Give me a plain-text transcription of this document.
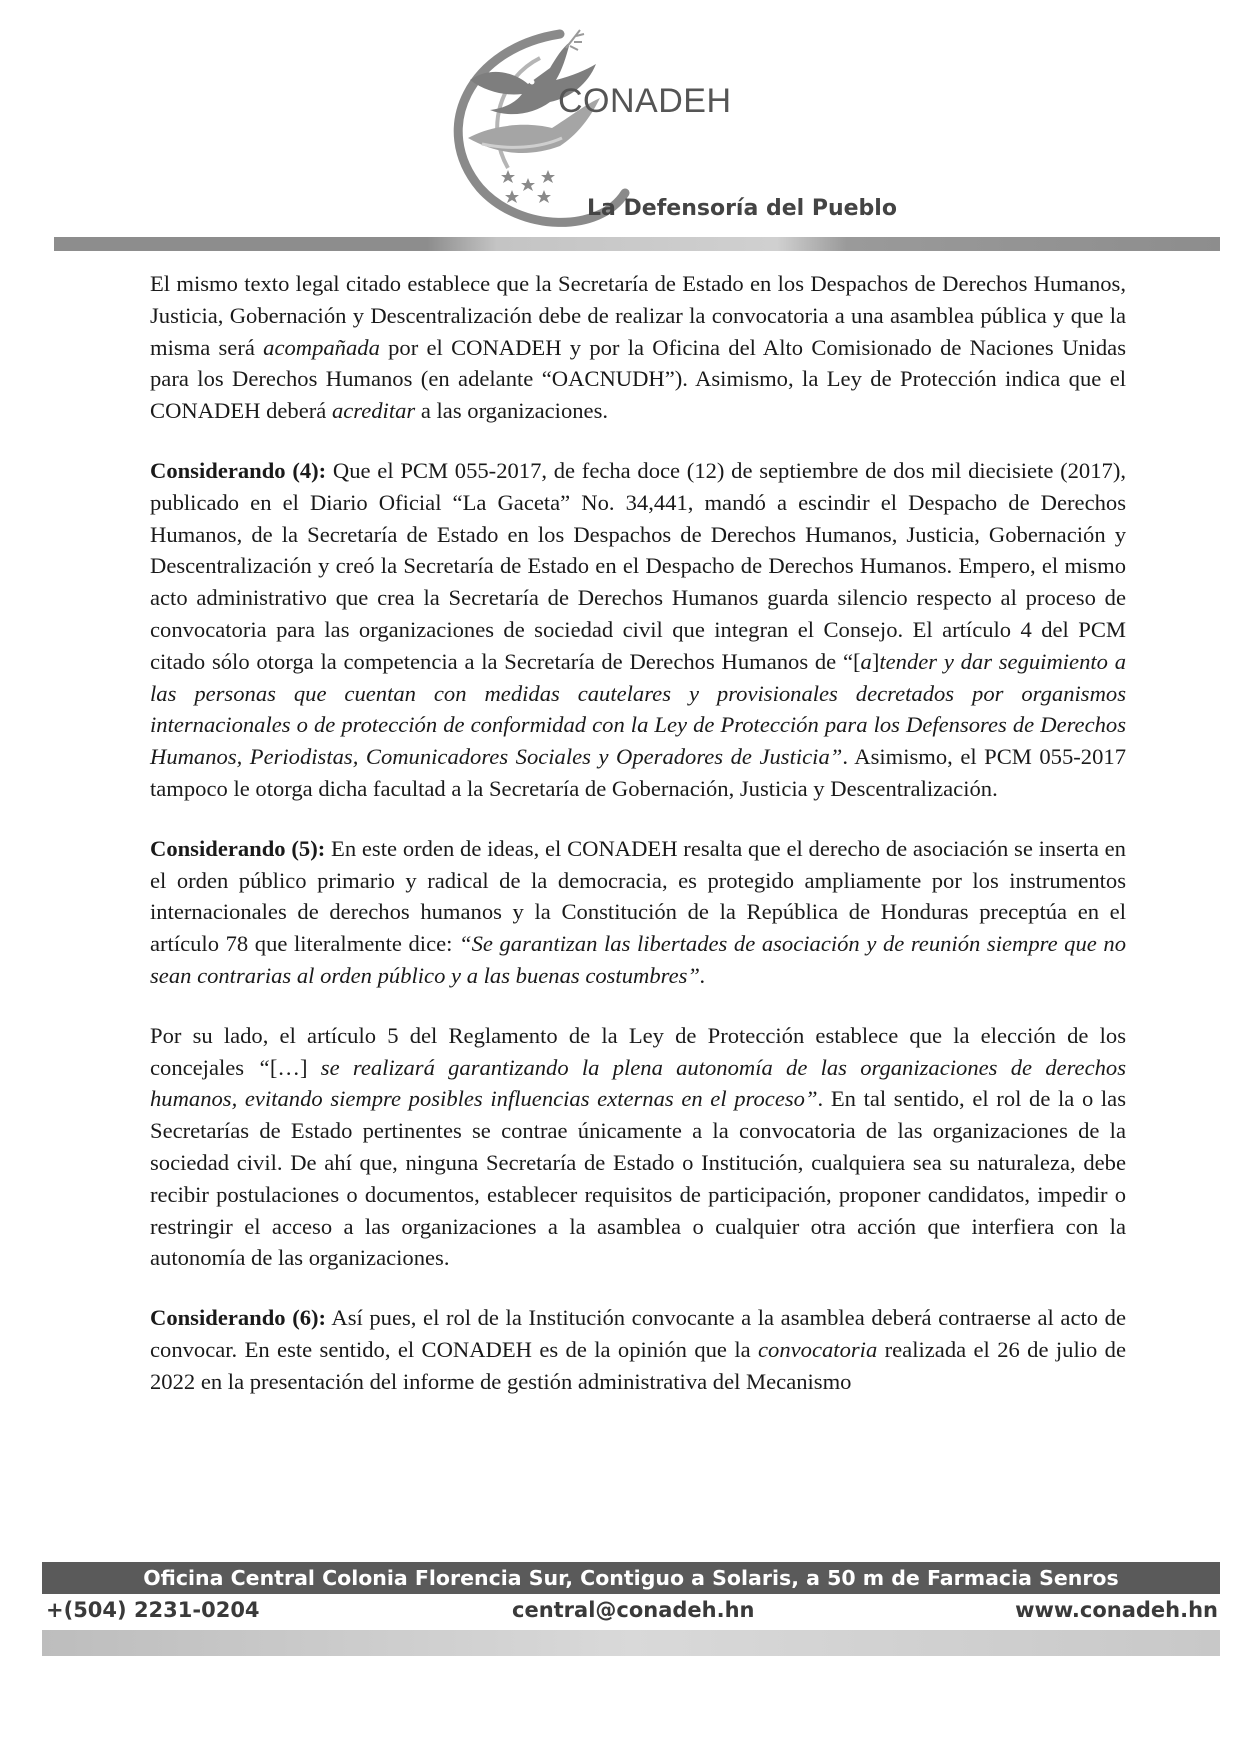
CONADEH
La Defensoría del Pueblo

El mismo texto legal citado establece que la Secretaría de Estado en los Despachos de Derechos Humanos, Justicia, Gobernación y Descentralización debe de realizar la convocatoria a una asamblea pública y que la misma será acompañada por el CONADEH y por la Oficina del Alto Comisionado de Naciones Unidas para los Derechos Humanos (en adelante “OACNUDH”). Asimismo, la Ley de Protección indica que el CONADEH deberá acreditar a las organizaciones.

Considerando (4): Que el PCM 055-2017, de fecha doce (12) de septiembre de dos mil diecisiete (2017), publicado en el Diario Oficial “La Gaceta” No. 34,441, mandó a escindir el Despacho de Derechos Humanos, de la Secretaría de Estado en los Despachos de Derechos Humanos, Justicia, Gobernación y Descentralización y creó la Secretaría de Estado en el Despacho de Derechos Humanos. Empero, el mismo acto administrativo que crea la Secretaría de Derechos Humanos guarda silencio respecto al proceso de convocatoria para las organizaciones de sociedad civil que integran el Consejo. El artículo 4 del PCM citado sólo otorga la competencia a la Secretaría de Derechos Humanos de “[a]tender y dar seguimiento a las personas que cuentan con medidas cautelares y provisionales decretados por organismos internacionales o de protección de conformidad con la Ley de Protección para los Defensores de Derechos Humanos, Periodistas, Comunicadores Sociales y Operadores de Justicia”. Asimismo, el PCM 055-2017 tampoco le otorga dicha facultad a la Secretaría de Gobernación, Justicia y Descentralización.

Considerando (5): En este orden de ideas, el CONADEH resalta que el derecho de asociación se inserta en el orden público primario y radical de la democracia, es protegido ampliamente por los instrumentos internacionales de derechos humanos y la Constitución de la República de Honduras preceptúa en el artículo 78 que literalmente dice: “Se garantizan las libertades de asociación y de reunión siempre que no sean contrarias al orden público y a las buenas costumbres”.

Por su lado, el artículo 5 del Reglamento de la Ley de Protección establece que la elección de los concejales “[…] se realizará garantizando la plena autonomía de las organizaciones de derechos humanos, evitando siempre posibles influencias externas en el proceso”. En tal sentido, el rol de la o las Secretarías de Estado pertinentes se contrae únicamente a la convocatoria de las organizaciones de la sociedad civil. De ahí que, ninguna Secretaría de Estado o Institución, cualquiera sea su naturaleza, debe recibir postulaciones o documentos, establecer requisitos de participación, proponer candidatos, impedir o restringir el acceso a las organizaciones a la asamblea o cualquier otra acción que interfiera con la autonomía de las organizaciones.

Considerando (6): Así pues, el rol de la Institución convocante a la asamblea deberá contraerse al acto de convocar. En este sentido, el CONADEH es de la opinión que la convocatoria realizada el 26 de julio de 2022 en la presentación del informe de gestión administrativa del Mecanismo

Oficina Central Colonia Florencia Sur, Contiguo a Solaris, a 50 m de Farmacia Senros
+(504) 2231-0204	central@conadeh.hn	www.conadeh.hn
